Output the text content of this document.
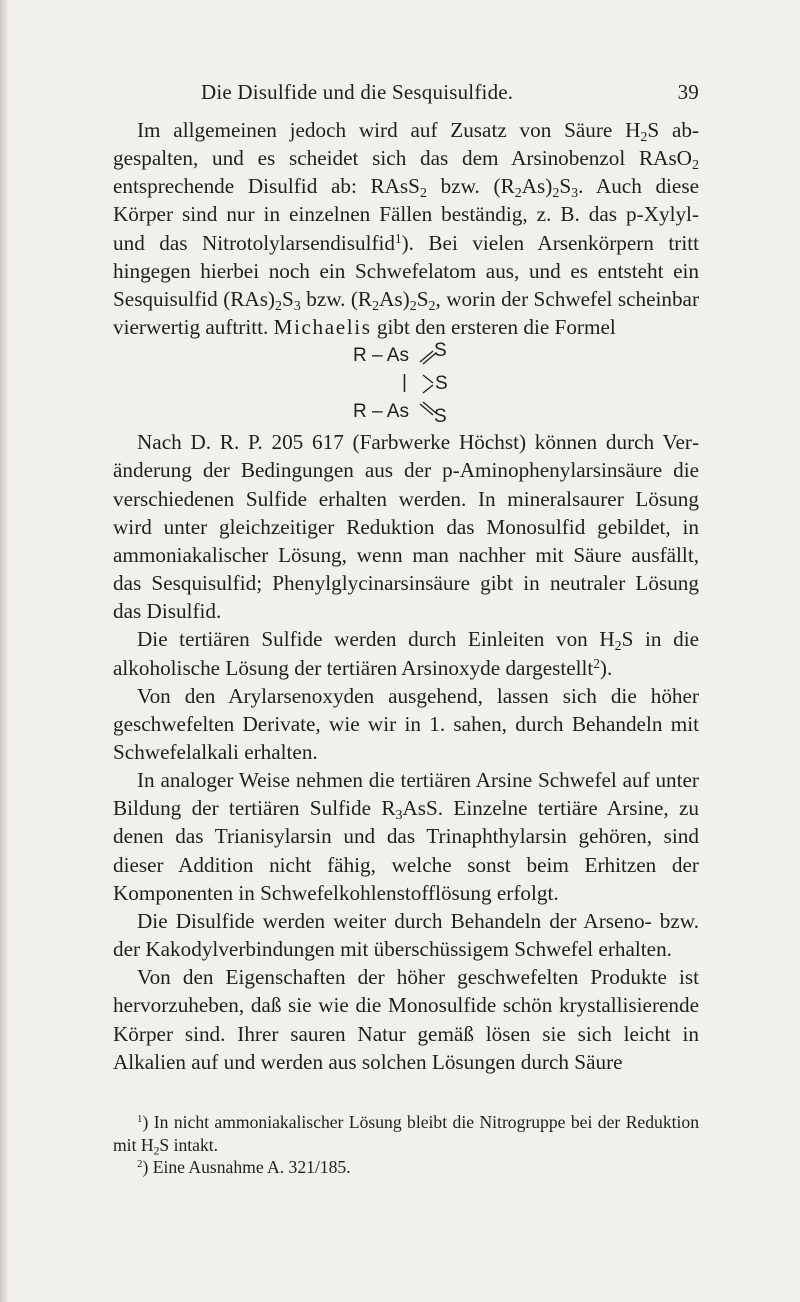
Die Disulfide und die Sesquisulfide.	39

Im allgemeinen jedoch wird auf Zusatz von Säure $H_2S$ abgespalten, und es scheidet sich das dem Arsinobenzol RAsO$_2$ entsprechende Disulfid ab: RAsS$_2$ bzw. $(R_2As)_2S_3$. Auch diese Körper sind nur in einzelnen Fällen beständig, z. B. das p-Xylyl- und das Nitrotolylarsendisulfid$^1$). Bei vielen Arsenkörpern tritt hingegen hierbei noch ein Schwefelatom aus, und es entsteht ein Sesquisulfid $(RAs)_2S_3$ bzw. $(R_2As)_2S_2$, worin der Schwefel scheinbar vierwertig auftritt. Michaelis gibt den ersteren die Formel

R – As S
| S
R – As S

Nach D. R. P. 205 617 (Farbwerke Höchst) können durch Veränderung der Bedingungen aus der p-Aminophenylarsinsäure die verschiedenen Sulfide erhalten werden. In mineralsaurer Lösung wird unter gleichzeitiger Reduktion das Monosulfid gebildet, in ammoniakalischer Lösung, wenn man nachher mit Säure ausfällt, das Sesquisulfid; Phenylglycinarsinsäure gibt in neutraler Lösung das Disulfid.

Die tertiären Sulfide werden durch Einleiten von $H_2S$ in die alkoholische Lösung der tertiären Arsinoxyde dargestellt$^2$).

Von den Arylarsenoxyden ausgehend, lassen sich die höher geschwefelten Derivate, wie wir in 1. sahen, durch Behandeln mit Schwefelalkali erhalten.

In analoger Weise nehmen die tertiären Arsine Schwefel auf unter Bildung der tertiären Sulfide $R_3AsS$. Einzelne tertiäre Arsine, zu denen das Trianisylarsin und das Trinaphthylarsin gehören, sind dieser Addition nicht fähig, welche sonst beim Erhitzen der Komponenten in Schwefelkohlenstofflösung erfolgt.

Die Disulfide werden weiter durch Behandeln der Arseno- bzw. der Kakodylverbindungen mit überschüssigem Schwefel erhalten.

Von den Eigenschaften der höher geschwefelten Produkte ist hervorzuheben, daß sie wie die Monosulfide schön krystallisierende Körper sind. Ihrer sauren Natur gemäß lösen sie sich leicht in Alkalien auf und werden aus solchen Lösungen durch Säure

$^1$) In nicht ammoniakalischer Lösung bleibt die Nitrogruppe bei der Reduktion mit $H_2S$ intakt.

$^2$) Eine Ausnahme A. 321/185.
